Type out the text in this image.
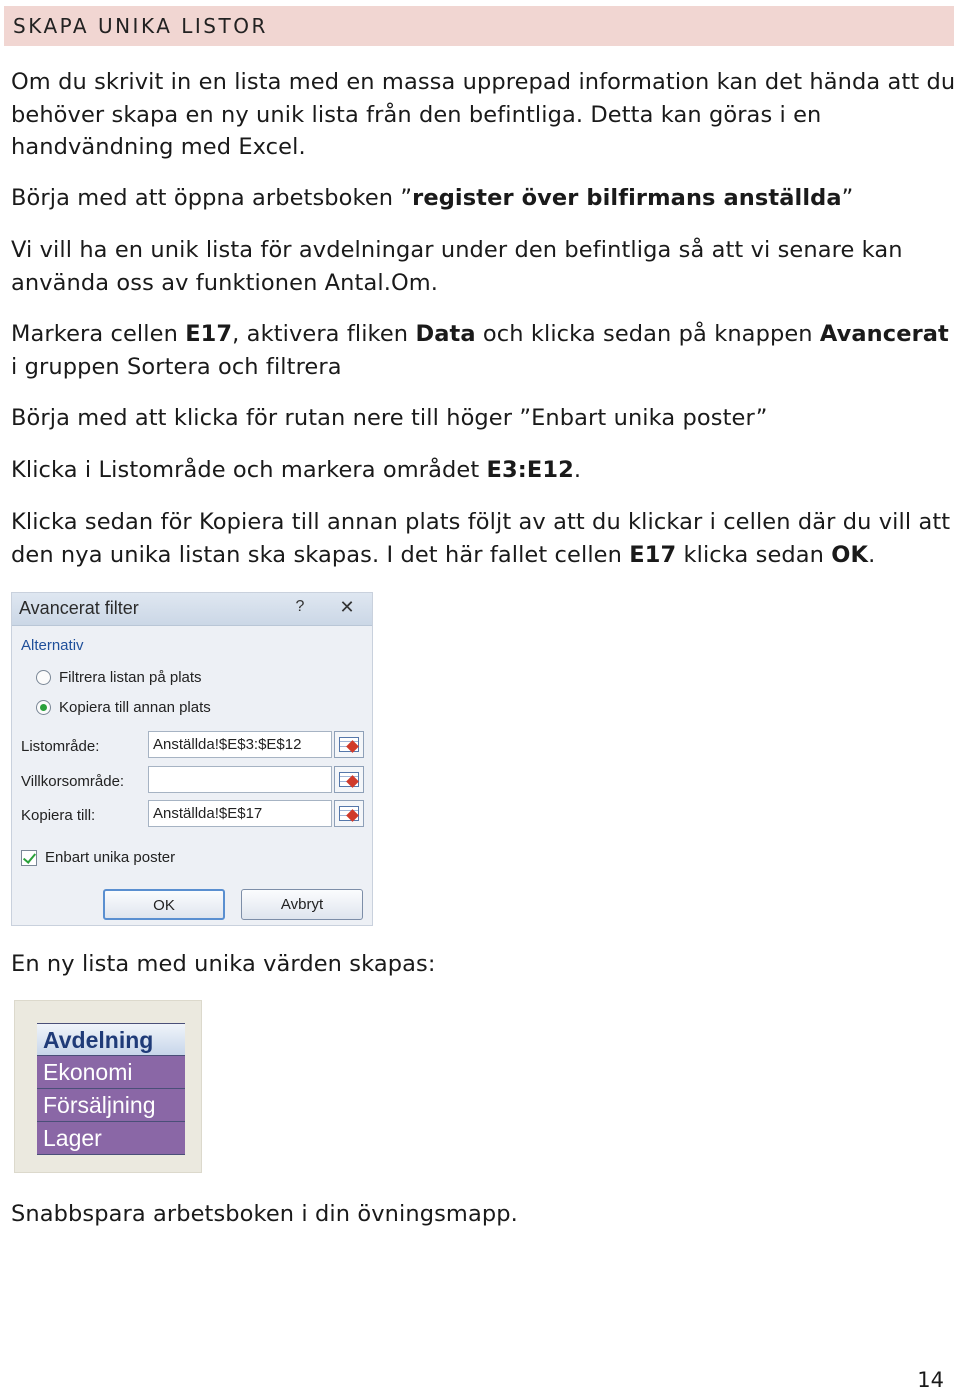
SKAPA UNIKA LISTOR

Om du skrivit in en lista med en massa upprepad information kan det hända att du behöver skapa en ny unik lista från den befintliga. Detta kan göras i en handvändning med Excel.

Börja med att öppna arbetsboken ”register över bilfirmans anställda”

Vi vill ha en unik lista för avdelningar under den befintliga så att vi senare kan använda oss av funktionen Antal.Om.

Markera cellen E17, aktivera fliken Data och klicka sedan på knappen Avancerat i gruppen Sortera och filtrera

Börja med att klicka för rutan nere till höger ”Enbart unika poster”

Klicka i Listområde och markera området E3:E12.

Klicka sedan för Kopiera till annan plats följt av att du klickar i cellen där du vill att den nya unika listan ska skapas. I det här fallet cellen E17 klicka sedan OK.

Avancerat filter	?	✕
Alternativ
Filtrera listan på plats
Kopiera till annan plats
Listområde:	Anställda!$E$3:$E$12
Villkorsområde:
Kopiera till:	Anställda!$E$17
Enbart unika poster
OK	Avbryt

En ny lista med unika värden skapas:

Avdelning
Ekonomi
Försäljning
Lager

Snabbspara arbetsboken i din övningsmapp.

14
